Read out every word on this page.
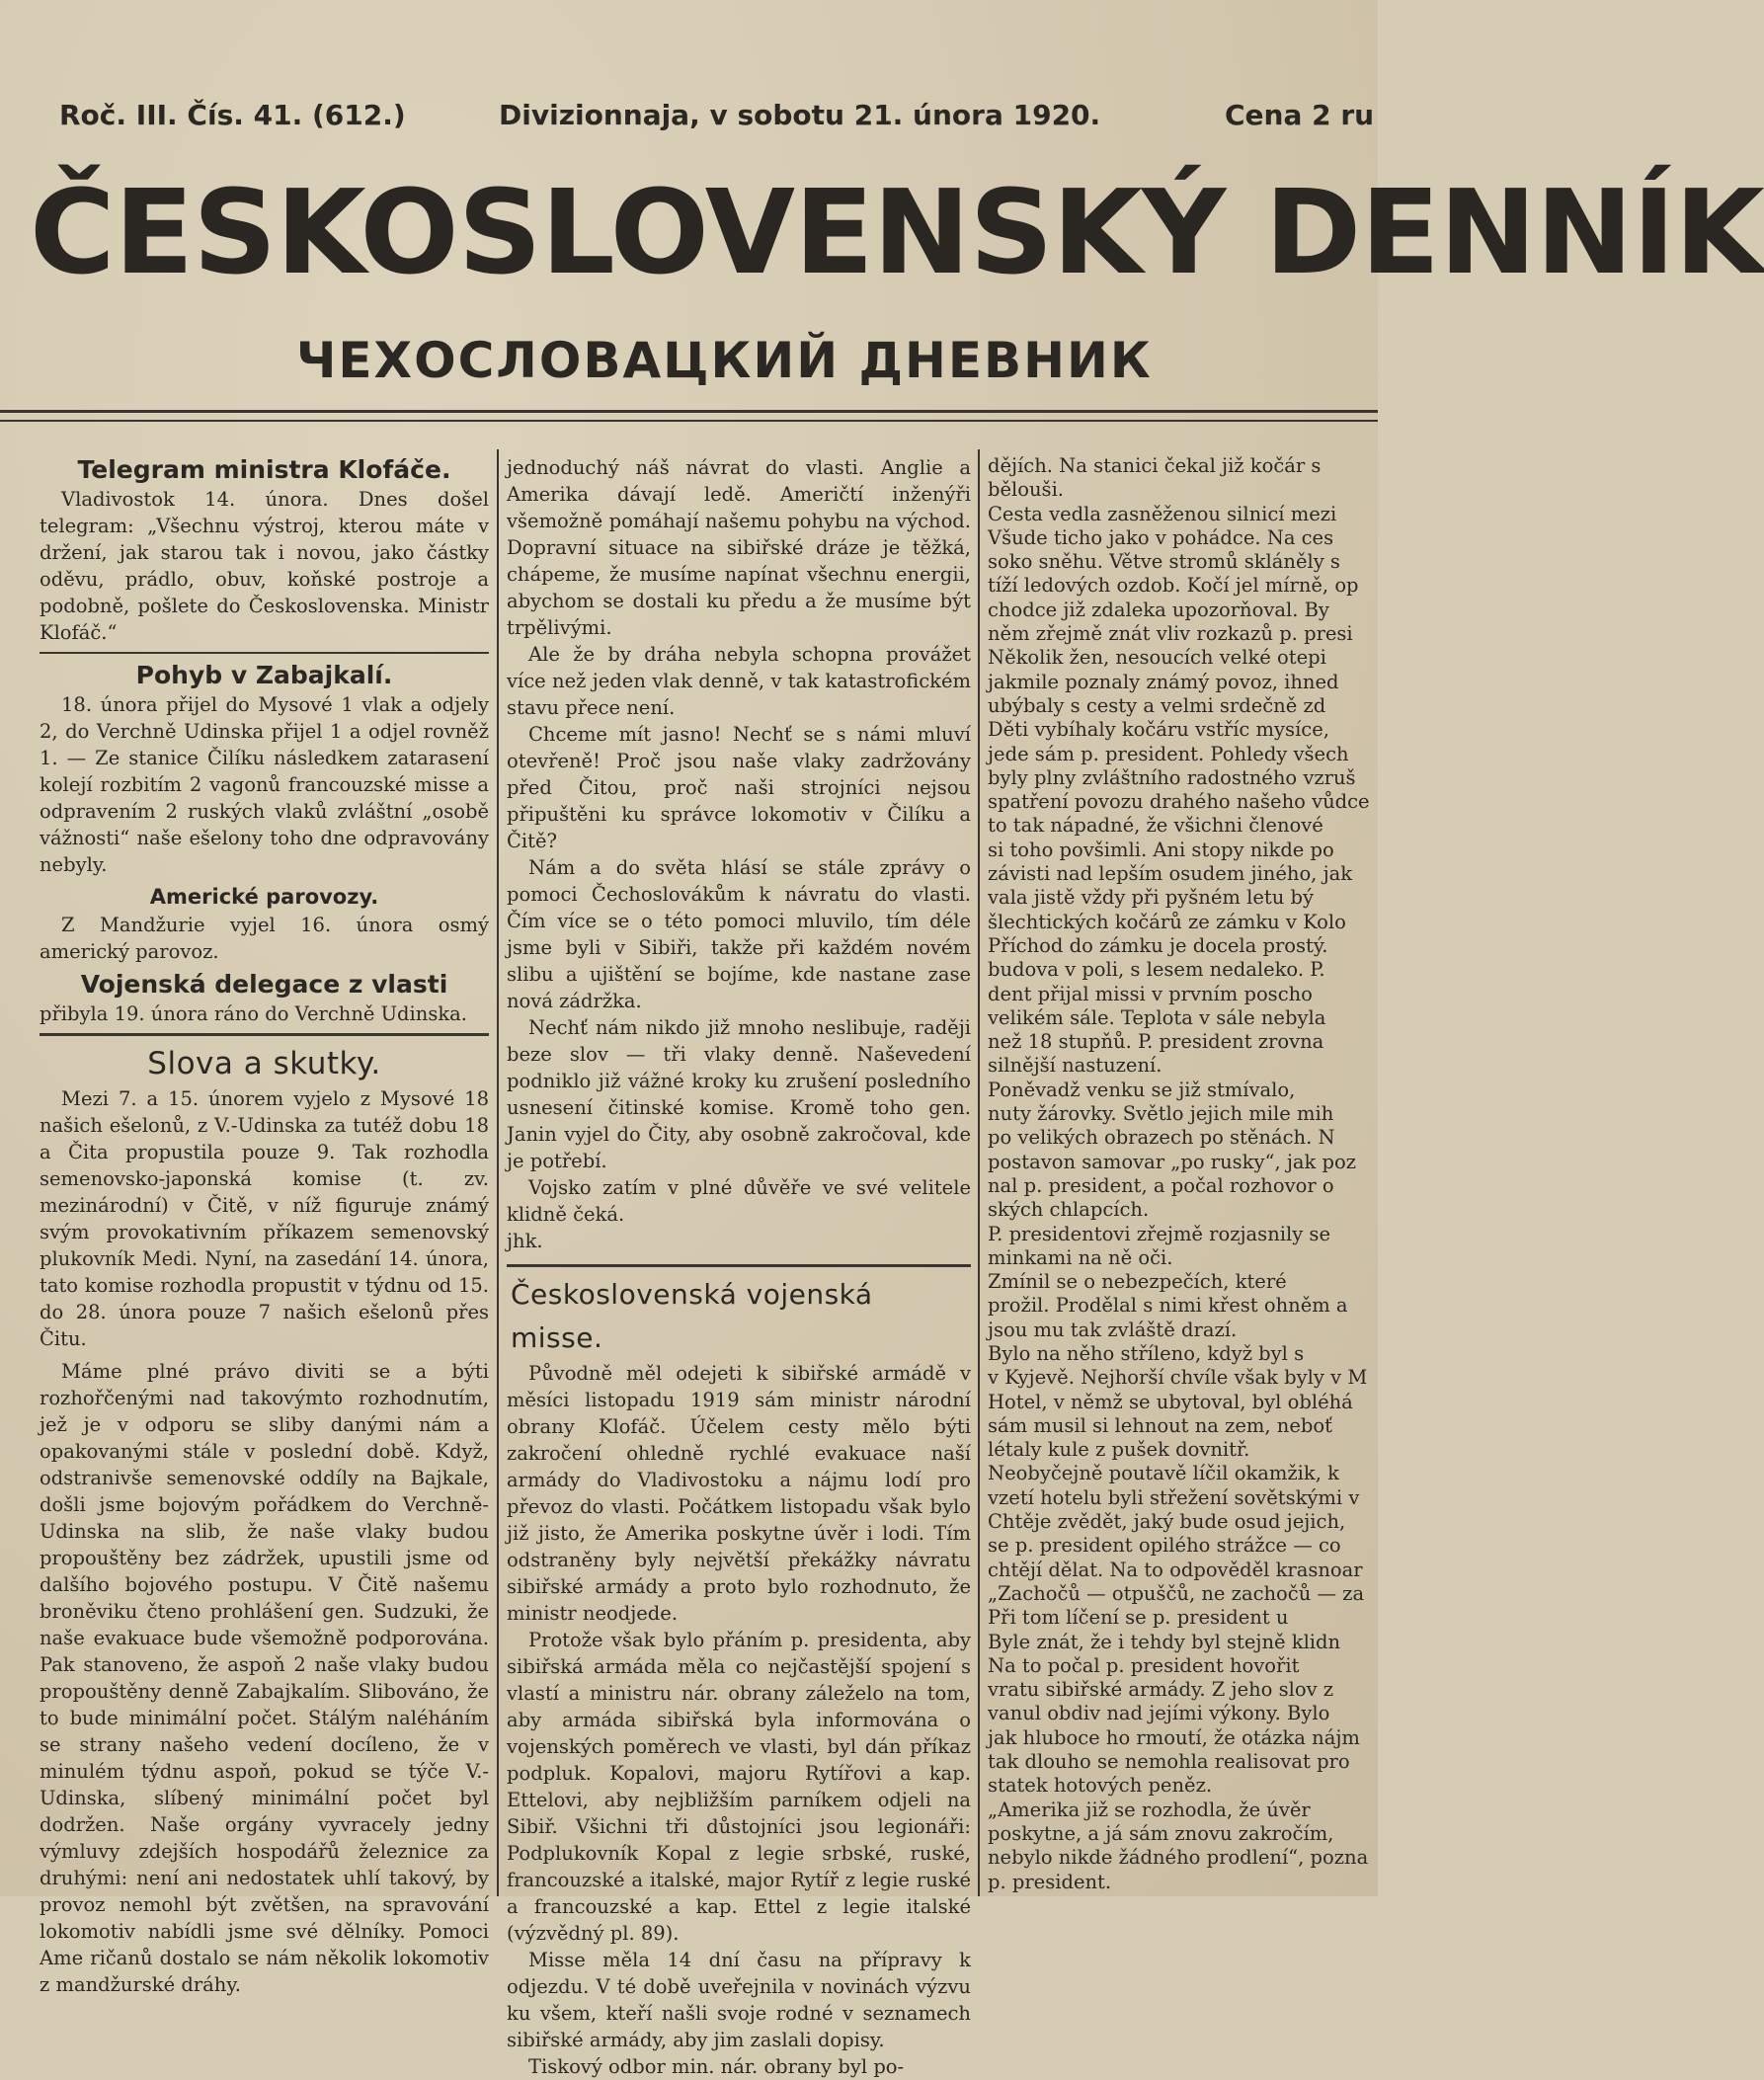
Roč. III. Čís. 41. (612.)	Divizionnaja, v sobotu 21. února 1920.	Cena 2 ru
ČESKOSLOVENSKÝ DENNÍK
ЧЕХОСЛОВАЦКИЙ ДНЕВНИК
Telegram ministra Klofáče.

Vladivostok 14. února. Dnes došel telegram: „Všechnu výstroj, kterou máte v držení, jak starou tak i novou, jako částky oděvu, prádlo, obuv, koňské postroje a podobně, pošlete do Československa. Ministr Klofáč.“

Pohyb v Zabajkalí.

18. února přijel do Mysové 1 vlak a odjely 2, do Verchně Udinska přijel 1 a odjel rovněž 1. — Ze stanice Čilíku následkem zatarasení kolejí rozbitím 2 vagonů francouzské misse a odpravením 2 ruských vlaků zvláštní „osobě vážnosti“ naše ešelony toho dne odpravovány nebyly.

Americké parovozy.

Z Mandžurie vyjel 16. února osmý americký parovoz.

Vojenská delegace z vlasti

přibyla 19. února ráno do Verchně Udinska.

Slova a skutky.

Mezi 7. a 15. únorem vyjelo z Mysové 18 našich ešelonů, z V.-Udinska za tutéž dobu 18 a Čita propustila pouze 9. Tak rozhodla semenovsko-japonská komise (t. zv. mezinárodní) v Čitě, v níž figuruje známý svým provokativním příkazem semenovský plukovník Medi. Nyní, na zasedání 14. února, tato komise rozhodla propustit v týdnu od 15. do 28. února pouze 7 našich ešelonů přes Čitu.

Máme plné právo diviti se a býti rozhořčenými nad takovýmto rozhodnutím, jež je v odporu se sliby danými nám a opakovanými stále v poslední době. Když, odstranivše semenovské oddíly na Bajkale, došli jsme bojovým pořádkem do Verchně-Udinska na slib, že naše vlaky budou propouštěny bez zádržek, upustili jsme od dalšího bojového postupu. V Čitě našemu broněviku čteno prohlášení gen. Sudzuki, že naše evakuace bude všemožně podporována. Pak stanoveno, že aspoň 2 naše vlaky budou propouštěny denně Zabajkalím. Slibováno, že to bude minimální počet. Stálým naléháním se strany našeho vedení docíleno, že v minulém týdnu aspoň, pokud se týče V.-Udinska, slíbený minimální počet byl dodržen. Naše orgány vyvracely jedny výmluvy zdejších hospodářů železnice za druhými: není ani nedostatek uhlí takový, by provoz nemohl být zvětšen, na spravování lokomotiv nabídli jsme své dělníky. Pomoci Ame ričanů dostalo se nám několik lokomotiv z mandžurské dráhy.

jednoduchý náš návrat do vlasti. Anglie a Amerika dávají ledě. Američtí inženýři všemožně pomáhají našemu pohybu na východ. Dopravní situace na sibiřské dráze je těžká, chápeme, že musíme napínat všechnu energii, abychom se dostali ku předu a že musíme být trpělivými.

Ale že by dráha nebyla schopna provážet více než jeden vlak denně, v tak katastrofickém stavu přece není.

Chceme mít jasno! Nechť se s námi mluví otevřeně! Proč jsou naše vlaky zadržovány před Čitou, proč naši strojníci nejsou připuštěni ku správce lokomotiv v Čilíku a Čitě?

Nám a do světa hlásí se stále zprávy o pomoci Čechoslovákům k návratu do vlasti. Čím více se o této pomoci mluvilo, tím déle jsme byli v Sibiři, takže při každém novém slibu a ujištění se bojíme, kde nastane zase nová zádržka.

Nechť nám nikdo již mnoho neslibuje, raději beze slov — tři vlaky denně. Naševedení podniklo již vážné kroky ku zrušení posledního usnesení čitinské komise. Kromě toho gen. Janin vyjel do Čity, aby osobně zakročoval, kde je potřebí.

Vojsko zatím v plné důvěře ve své velitele klidně čeká.

jhk.

Československá vojenská misse.

Původně měl odejeti k sibiřské armádě v měsíci listopadu 1919 sám ministr národní obrany Klofáč. Účelem cesty mělo býti zakročení ohledně rychlé evakuace naší armády do Vladivostoku a nájmu lodí pro převoz do vlasti. Počátkem listopadu však bylo již jisto, že Amerika poskytne úvěr i lodi. Tím odstraněny byly největší překážky návratu sibiřské armády a proto bylo rozhodnuto, že ministr neodjede.

Protože však bylo přáním p. presidenta, aby sibiřská armáda měla co nejčastější spojení s vlastí a ministru nár. obrany záleželo na tom, aby armáda sibiřská byla informována o vojenských poměrech ve vlasti, byl dán příkaz podpluk. Kopalovi, majoru Rytířovi a kap. Ettelovi, aby nejbližším parníkem odjeli na Sibiř. Všichni tři důstojníci jsou legionáři: Podplukovník Kopal z legie srbské, ruské, francouzské a italské, major Rytíř z legie ruské a francouzské a kap. Ettel z legie italské (výzvědný pl. 89).

Misse měla 14 dní času na přípravy k odjezdu. V té době uveřejnila v novinách výzvu ku všem, kteří našli svoje rodné v seznamech sibiřské armády, aby jim zaslali dopisy.

Tiskový odbor min. nár. obrany byl po-

dějích. Na stanici čekal již kočár s
bělouši.
Cesta vedla zasněženou silnicí mezi
Všude ticho jako v pohádce. Na ces
soko sněhu. Větve stromů skláněly s
tíží ledových ozdob. Kočí jel mírně, op
chodce již zdaleka upozorňoval. By
něm zřejmě znát vliv rozkazů p. presi
Několik žen, nesoucích velké otepi
jakmile poznaly známý povoz, ihned
ubýbaly s cesty a velmi srdečně zd
Děti vybíhaly kočáru vstříc mysíce,
jede sám p. president. Pohledy všech
byly plny zvláštního radostného vzruš
spatření povozu drahého našeho vůdce
to tak nápadné, že všichni členové
si toho povšimli. Ani stopy nikde po
závisti nad lepším osudem jiného, jak
vala jistě vždy při pyšném letu bý
šlechtických kočárů ze zámku v Kolo
Příchod do zámku je docela prostý.
budova v poli, s lesem nedaleko. P.
dent přijal missi v prvním poscho
velikém sále. Teplota v sále nebyla
než 18 stupňů. P. president zrovna
silnější nastuzení.
Poněvadž venku se již stmívalo,
nuty žárovky. Světlo jejich mile mih
po velikých obrazech po stěnách. N
postavon samovar „po rusky“, jak poz
nal p. president, a počal rozhovor o
ských chlapcích.
P. presidentovi zřejmě rozjasnily se
minkami na ně oči.
Zmínil se o nebezpečích, které
prožil. Prodělal s nimi křest ohněm a
jsou mu tak zvláště drazí.
Bylo na něho stříleno, když byl s
v Kyjevě. Nejhorší chvíle však byly v M
Hotel, v němž se ubytoval, byl obléhá
sám musil si lehnout na zem, neboť
létaly kule z pušek dovnitř.
Neobyčejně poutavě líčil okamžik, k
vzetí hotelu byli střežení sovětskými v
Chtěje zvědět, jaký bude osud jejich,
se p. president opilého strážce — co
chtějí dělat. Na to odpověděl krasnoar
„Zachočů — otpuščů, ne zachočů — za
Při tom líčení se p. president u
Byle znát, že i tehdy byl stejně klidn
Na to počal p. president hovořit
vratu sibiřské armády. Z jeho slov z
vanul obdiv nad jejími výkony. Bylo
jak hluboce ho rmoutí, že otázka nájm
tak dlouho se nemohla realisovat pro
statek hotových peněz.
„Amerika již se rozhodla, že úvěr
poskytne, a já sám znovu zakročím,
nebylo nikde žádného prodlení“, pozna
p. president.
